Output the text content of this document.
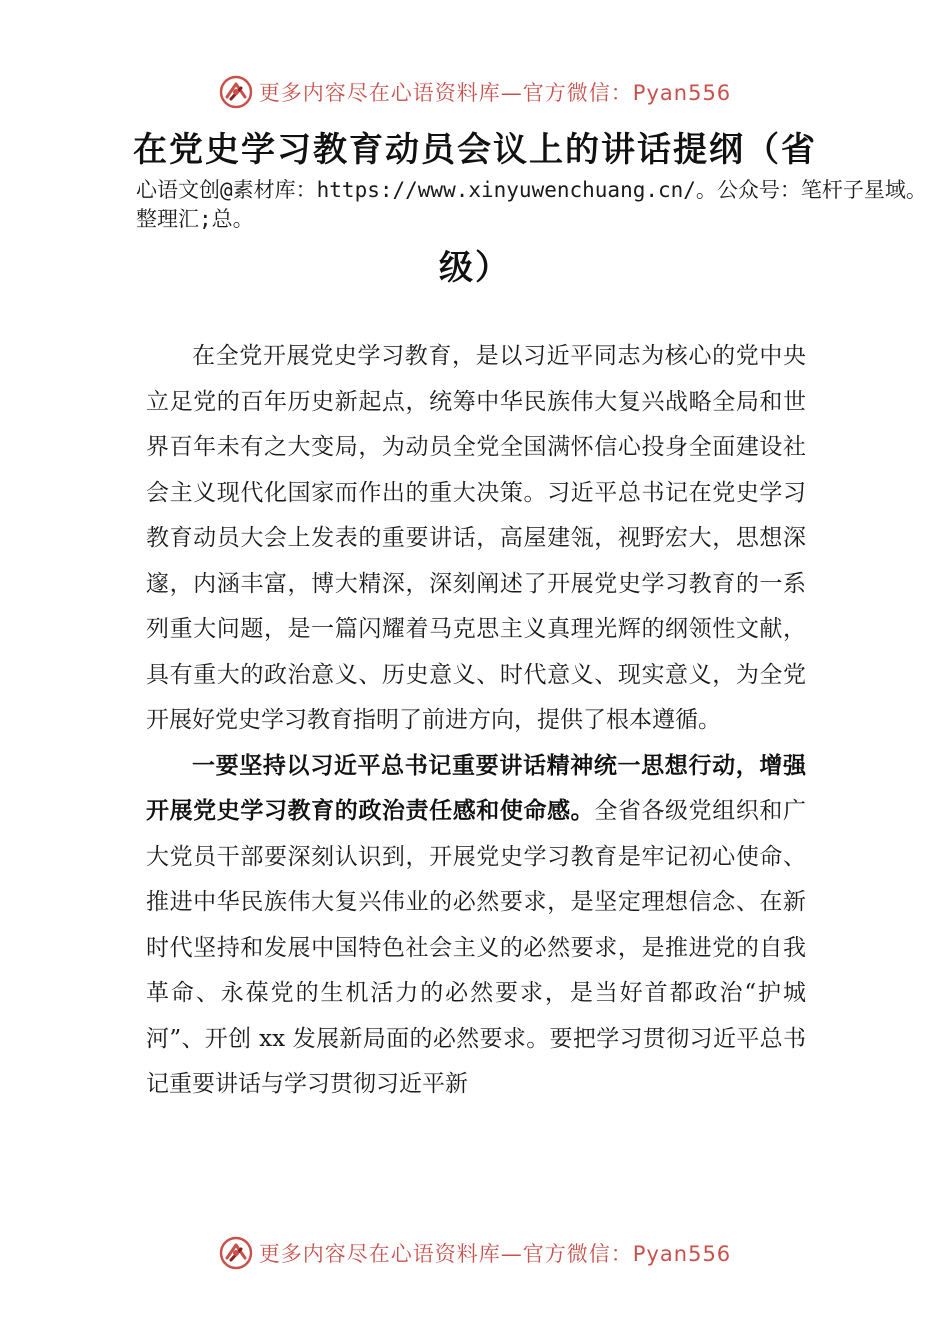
更多内容尽在心语资料库—官方微信：Pyan556
在党史学习教育动员会议上的讲话提纲（省
心语文创@素材库：https://www.xinyuwenchuang.cn/。公众号：笔杆子星域。整理汇;总。
级）

在全党开展党史学习教育，是以习近平同志为核心的党中央立足党的百年历史新起点，统筹中华民族伟大复兴战略全局和世界百年未有之大变局，为动员全党全国满怀信心投身全面建设社会主义现代化国家而作出的重大决策。习近平总书记在党史学习教育动员大会上发表的重要讲话，高屋建瓴，视野宏大，思想深邃，内涵丰富，博大精深，深刻阐述了开展党史学习教育的一系列重大问题，是一篇闪耀着马克思主义真理光辉的纲领性文献，具有重大的政治意义、历史意义、时代意义、现实意义，为全党开展好党史学习教育指明了前进方向，提供了根本遵循。

一要坚持以习近平总书记重要讲话精神统一思想行动，增强开展党史学习教育的政治责任感和使命感。全省各级党组织和广大党员干部要深刻认识到，开展党史学习教育是牢记初心使命、推进中华民族伟大复兴伟业的必然要求，是坚定理想信念、在新时代坚持和发展中国特色社会主义的必然要求，是推进党的自我革命、永葆党的生机活力的必然要求，是当好首都政治“护城河”、开创 xx 发展新局面的必然要求。要把学习贯彻习近平总书记重要讲话与学习贯彻习近平新

更多内容尽在心语资料库—官方微信：Pyan556
